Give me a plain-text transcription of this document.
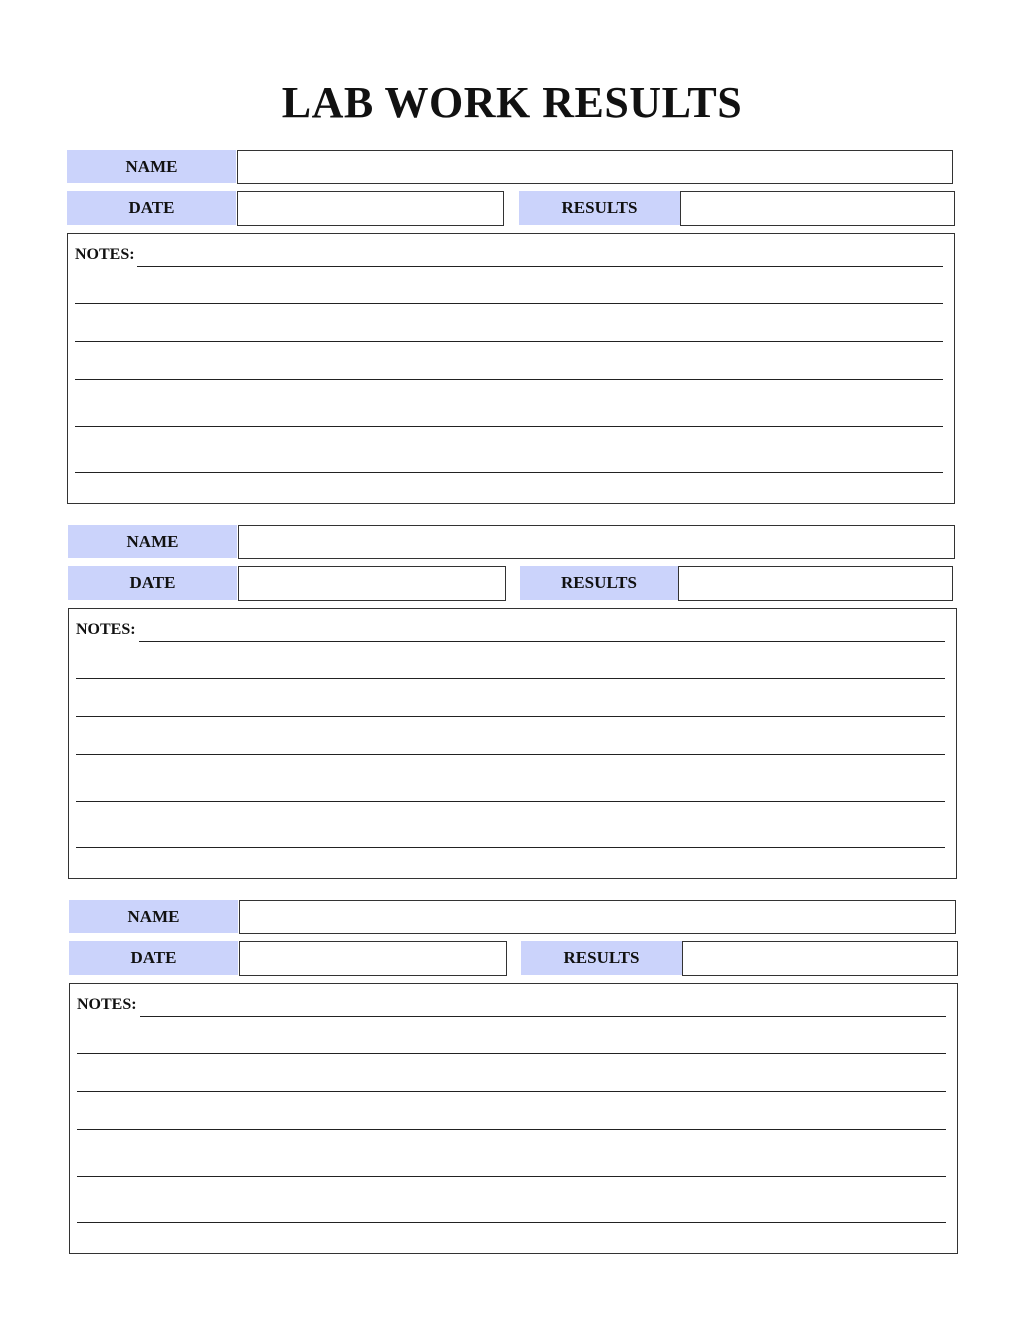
LAB WORK RESULTS
NAME
DATE	RESULTS
NOTES:
NAME
DATE	RESULTS
NOTES:
NAME
DATE	RESULTS
NOTES:
